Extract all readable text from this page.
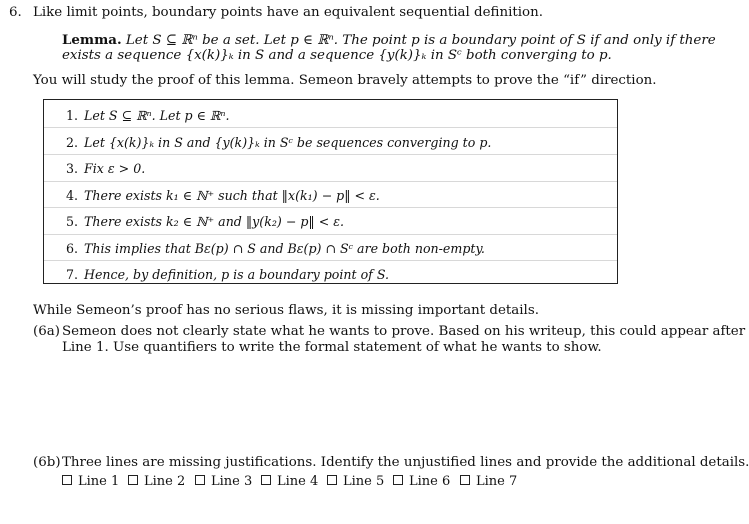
6. Like limit points, boundary points have an equivalent sequential definition.
Lemma. Let S ⊆ ℝⁿ be a set. Let p ∈ ℝⁿ. The point p is a boundary point of S if and only if there
exists a sequence {x(k)}ₖ in S and a sequence {y(k)}ₖ in Sᶜ both converging to p.
You will study the proof of this lemma. Semeon bravely attempts to prove the “if” direction.
1. Let S ⊆ ℝⁿ. Let p ∈ ℝⁿ.
2. Let {x(k)}ₖ in S and {y(k)}ₖ in Sᶜ be sequences converging to p.
3. Fix ε > 0.
4. There exists k₁ ∈ ℕ⁺ such that ‖x(k₁) − p‖ < ε.
5. There exists k₂ ∈ ℕ⁺ and ‖y(k₂) − p‖ < ε.
6. This implies that Bε(p) ∩ S and Bε(p) ∩ Sᶜ are both non-empty.
7. Hence, by definition, p is a boundary point of S.
While Semeon’s proof has no serious flaws, it is missing important details.
(6a) Semeon does not clearly state what he wants to prove. Based on his writeup, this could appear after
Line 1. Use quantifiers to write the formal statement of what he wants to show.
(6b) Three lines are missing justifications. Identify the unjustified lines and provide the additional details.
Line 1	Line 2	Line 3	Line 4	Line 5	Line 6	Line 7
